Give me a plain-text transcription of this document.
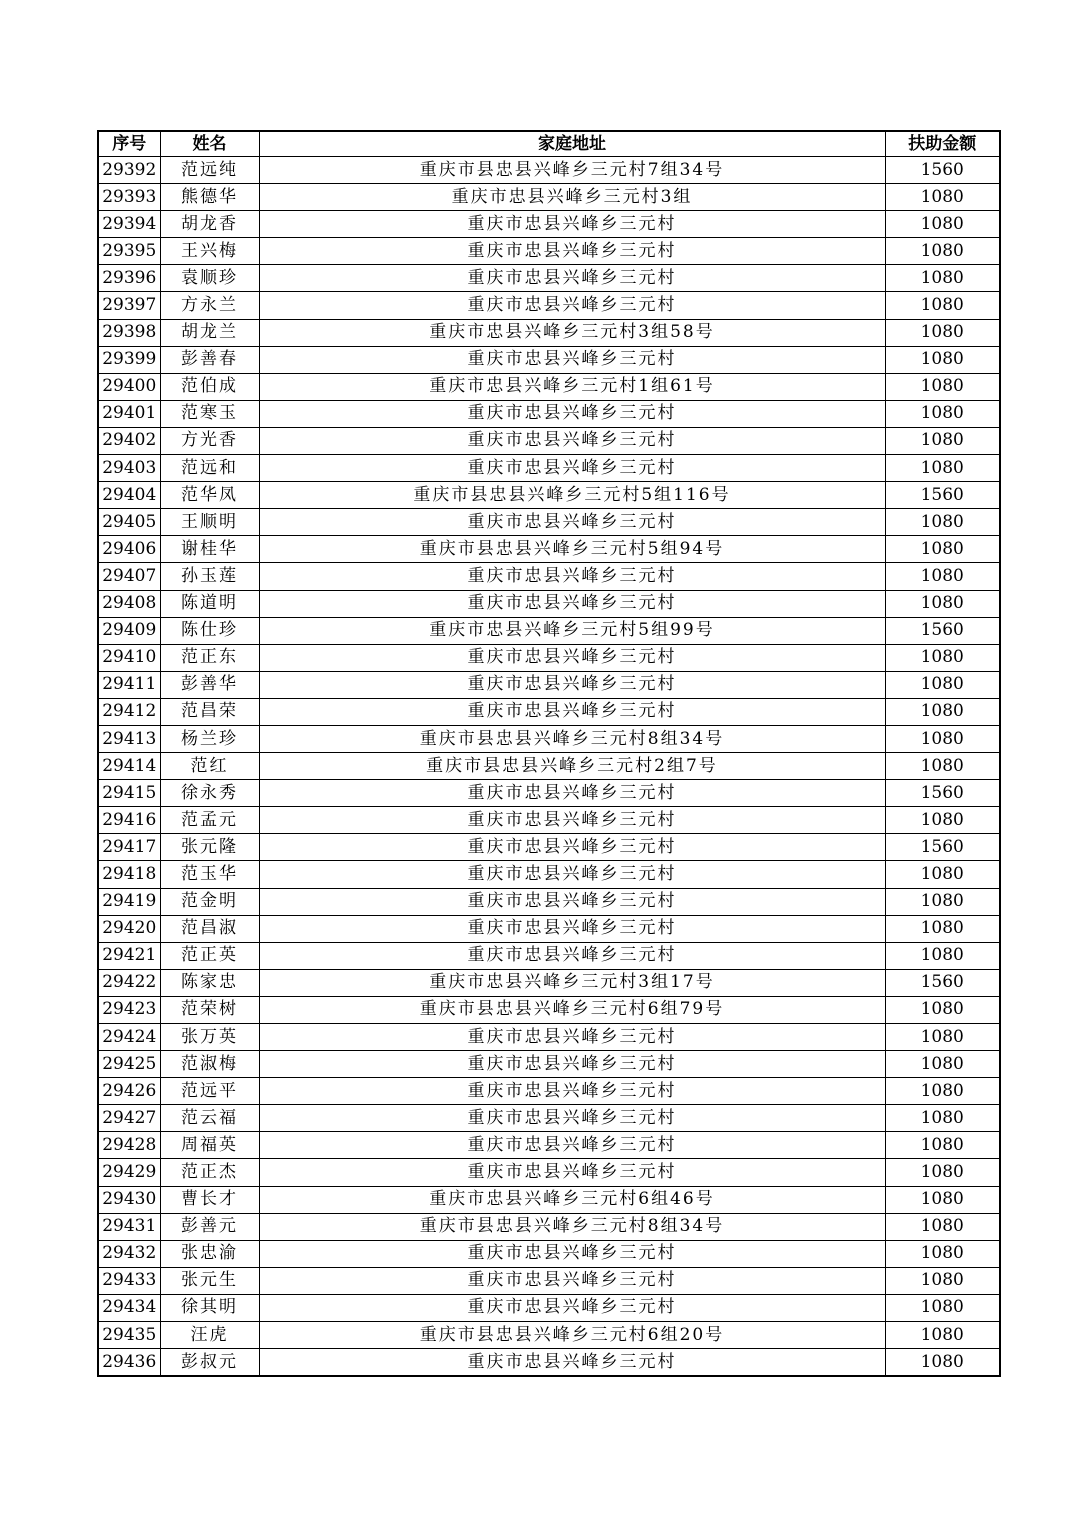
序号	姓名	家庭地址	扶助金额
29392	范远纯	重庆市县忠县兴峰乡三元村7组34号	1560
29393	熊德华	重庆市忠县兴峰乡三元村3组	1080
29394	胡龙香	重庆市忠县兴峰乡三元村	1080
29395	王兴梅	重庆市忠县兴峰乡三元村	1080
29396	袁顺珍	重庆市忠县兴峰乡三元村	1080
29397	方永兰	重庆市忠县兴峰乡三元村	1080
29398	胡龙兰	重庆市忠县兴峰乡三元村3组58号	1080
29399	彭善春	重庆市忠县兴峰乡三元村	1080
29400	范伯成	重庆市忠县兴峰乡三元村1组61号	1080
29401	范寒玉	重庆市忠县兴峰乡三元村	1080
29402	方光香	重庆市忠县兴峰乡三元村	1080
29403	范远和	重庆市忠县兴峰乡三元村	1080
29404	范华凤	重庆市县忠县兴峰乡三元村5组116号	1560
29405	王顺明	重庆市忠县兴峰乡三元村	1080
29406	谢桂华	重庆市县忠县兴峰乡三元村5组94号	1080
29407	孙玉莲	重庆市忠县兴峰乡三元村	1080
29408	陈道明	重庆市忠县兴峰乡三元村	1080
29409	陈仕珍	重庆市忠县兴峰乡三元村5组99号	1560
29410	范正东	重庆市忠县兴峰乡三元村	1080
29411	彭善华	重庆市忠县兴峰乡三元村	1080
29412	范昌荣	重庆市忠县兴峰乡三元村	1080
29413	杨兰珍	重庆市县忠县兴峰乡三元村8组34号	1080
29414	范红	重庆市县忠县兴峰乡三元村2组7号	1080
29415	徐永秀	重庆市忠县兴峰乡三元村	1560
29416	范孟元	重庆市忠县兴峰乡三元村	1080
29417	张元隆	重庆市忠县兴峰乡三元村	1560
29418	范玉华	重庆市忠县兴峰乡三元村	1080
29419	范金明	重庆市忠县兴峰乡三元村	1080
29420	范昌淑	重庆市忠县兴峰乡三元村	1080
29421	范正英	重庆市忠县兴峰乡三元村	1080
29422	陈家忠	重庆市忠县兴峰乡三元村3组17号	1560
29423	范荣树	重庆市县忠县兴峰乡三元村6组79号	1080
29424	张万英	重庆市忠县兴峰乡三元村	1080
29425	范淑梅	重庆市忠县兴峰乡三元村	1080
29426	范远平	重庆市忠县兴峰乡三元村	1080
29427	范云福	重庆市忠县兴峰乡三元村	1080
29428	周福英	重庆市忠县兴峰乡三元村	1080
29429	范正杰	重庆市忠县兴峰乡三元村	1080
29430	曹长才	重庆市忠县兴峰乡三元村6组46号	1080
29431	彭善元	重庆市县忠县兴峰乡三元村8组34号	1080
29432	张忠渝	重庆市忠县兴峰乡三元村	1080
29433	张元生	重庆市忠县兴峰乡三元村	1080
29434	徐其明	重庆市忠县兴峰乡三元村	1080
29435	汪虎	重庆市县忠县兴峰乡三元村6组20号	1080
29436	彭叔元	重庆市忠县兴峰乡三元村	1080
